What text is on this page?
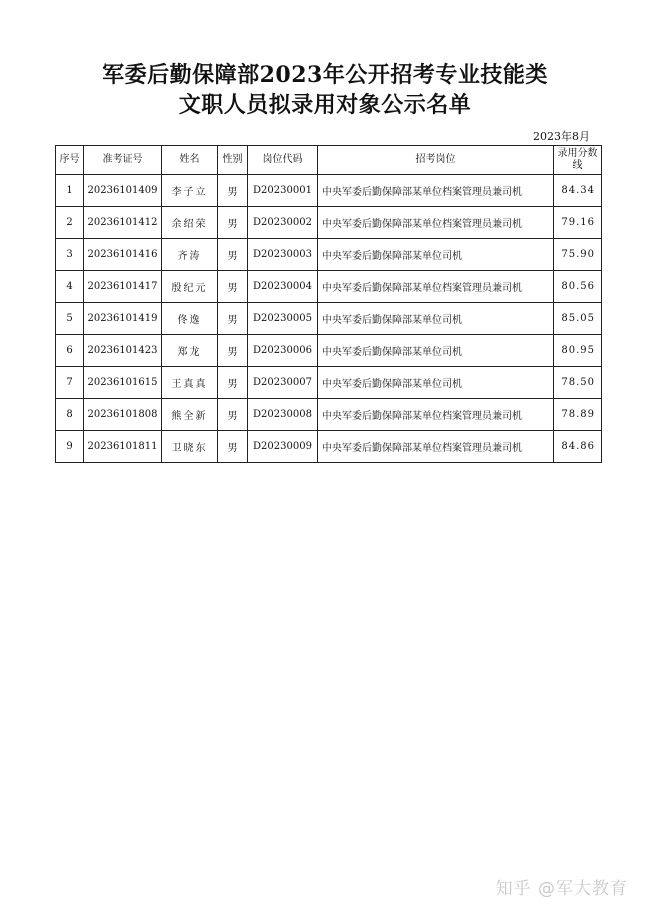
军委后勤保障部2023年公开招考专业技能类
文职人员拟录用对象公示名单
2023年8月
序号	准考证号	姓名	性别	岗位代码	招考岗位	录用分数线
1	20236101409	李子立	男	D20230001	中央军委后勤保障部某单位档案管理员兼司机	84.34
2	20236101412	余绍荣	男	D20230002	中央军委后勤保障部某单位档案管理员兼司机	79.16
3	20236101416	齐涛	男	D20230003	中央军委后勤保障部某单位司机	75.90
4	20236101417	殷纪元	男	D20230004	中央军委后勤保障部某单位档案管理员兼司机	80.56
5	20236101419	佟逸	男	D20230005	中央军委后勤保障部某单位司机	85.05
6	20236101423	郑龙	男	D20230006	中央军委后勤保障部某单位司机	80.95
7	20236101615	王真真	男	D20230007	中央军委后勤保障部某单位司机	78.50
8	20236101808	熊全新	男	D20230008	中央军委后勤保障部某单位档案管理员兼司机	78.89
9	20236101811	卫晓东	男	D20230009	中央军委后勤保障部某单位档案管理员兼司机	84.86
知乎 @军大教育
